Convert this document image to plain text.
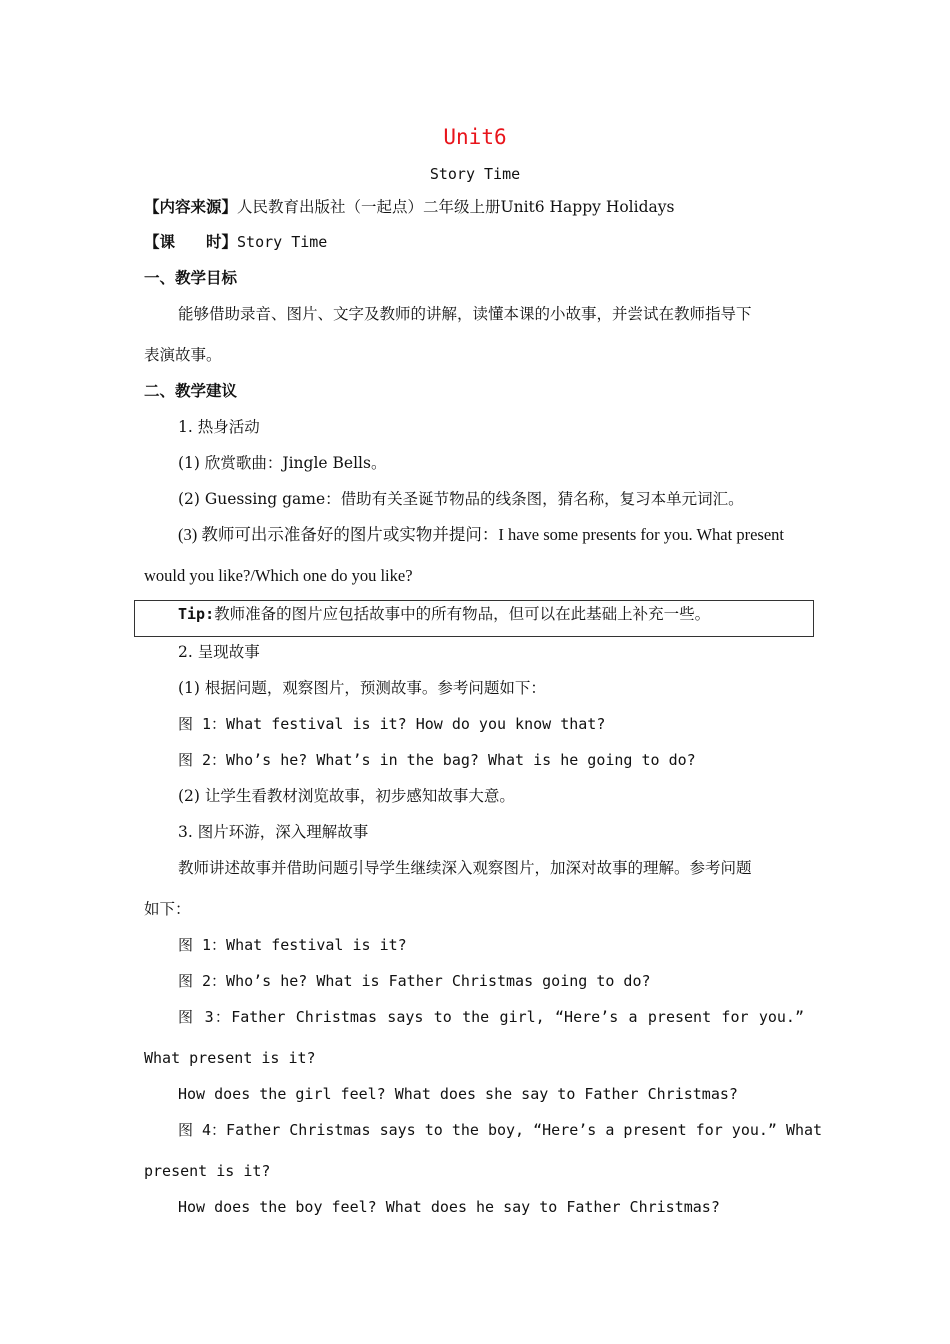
Unit6
Story Time
【内容来源】人民教育出版社（一起点）二年级上册Unit6 Happy Holidays
【课　　时】Story Time
一、教学目标
能够借助录音、图片、文字及教师的讲解，读懂本课的小故事，并尝试在教师指导下
表演故事。
二、教学建议
1. 热身活动
(1) 欣赏歌曲：Jingle Bells。
(2) Guessing game：借助有关圣诞节物品的线条图，猜名称，复习本单元词汇。
(3) 教师可出示准备好的图片或实物并提问：I have some presents for you. What present
would you like?/Which one do you like?
Tip:教师准备的图片应包括故事中的所有物品，但可以在此基础上补充一些。
2. 呈现故事
(1) 根据问题，观察图片，预测故事。参考问题如下：
图 1：What festival is it? How do you know that?
图 2：Who’s he? What’s in the bag? What is he going to do?
(2) 让学生看教材浏览故事，初步感知故事大意。
3. 图片环游，深入理解故事
教师讲述故事并借助问题引导学生继续深入观察图片，加深对故事的理解。参考问题
如下：
图 1：What festival is it?
图 2：Who’s he? What is Father Christmas going to do?
图 3：Father Christmas says to the girl, “Here’s a present for you.”
What present is it?
How does the girl feel? What does she say to Father Christmas?
图 4：Father Christmas says to the boy, “Here’s a present for you.” What
present is it?
How does the boy feel? What does he say to Father Christmas?
